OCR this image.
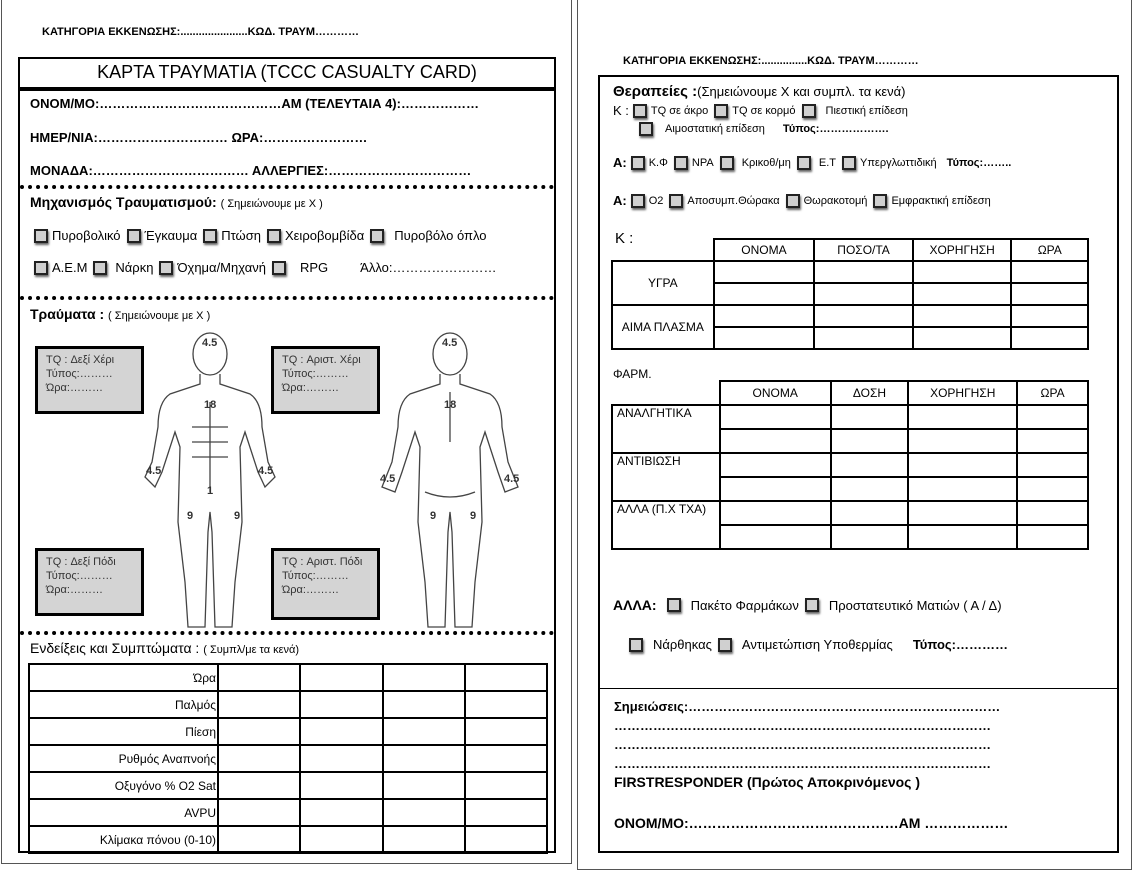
ΚΑΤΗΓΟΡΙΑ ΕΚΚΕΝΩΣΗΣ:......................ΚΩΔ. ΤΡΑΥΜ…………
ΚΑΡΤΑ ΤΡΑΥΜΑΤΙΑ (TCCC CASUALTY CARD)
ΟΝΟΜ/ΜΟ:……………………………………ΑΜ (ΤΕΛΕΥΤΑΙΑ 4):………………
ΗΜΕΡ/ΝΙΑ:………………………… ΩΡΑ:……………………
ΜΟΝΑΔΑ:……………………………… ΑΛΛΕΡΓΙΕΣ:……………………………
Μηχανισμός Τραυματισμού: ( Σημειώνουμε με Χ )
Πυροβολικό Έγκαυμα Πτώση Χειροβομβίδα Πυροβόλο όπλο
Α.Ε.Μ Νάρκη Όχημα/Μηχανή	RPG Άλλο:……………………
Τραύματα : ( Σημειώνουμε με Χ )
4.5
18
4.5	4.5
1
9	9
4.5
18
4.5	4.5
9	9
TQ : Δεξί Χέρι
Τύπος:………
Ώρα:………
TQ : Αριστ. Χέρι
Τύπος:………
Ώρα:………
TQ : Δεξί Πόδι
Τύπος:………
Ώρα:………
TQ : Αριστ. Πόδι
Τύπος:………
Ώρα:………
Ενδείξεις και Συμπτώματα : ( Συμπλ/με τα κενά)
Ώρα				
Παλμός				
Πίεση				
Ρυθμός Αναπνοής				
Οξυγόνο % Ο2 Sat				
AVPU				
Κλίμακα πόνου (0-10)				
ΚΑΤΗΓΟΡΙΑ ΕΚΚΕΝΩΣΗΣ:...............ΚΩΔ. ΤΡΑΥΜ…………
Θεραπείες :(Σημειώνουμε Χ και συμπλ. τα κενά)
Κ : TQ σε άκρο TQ σε κορμό	Πιεστική επίδεση
Αιμοστατική επίδεση Τύπος:……………….
Α: Κ.Φ NPA	Κρικοθ/μη	Ε.Τ Υπεργλωττιδική Τύπος:……..
Α: Ο2 Αποσυμπ.Θώρακα Θωρακοτομή Εμφρακτική επίδεση
Κ :
	ΟΝΟΜΑ	ΠΟΣΟ/ΤΑ	ΧΟΡΗΓΗΣΗ	ΩΡΑ
ΥΓΡΑ				

ΑΙΜΑ ΠΛΑΣΜΑ				

ΦΑΡΜ.
	ΟΝΟΜΑ	ΔΟΣΗ	ΧΟΡΗΓΗΣΗ	ΩΡΑ
ΑΝΑΛΓΗΤΙΚΑ				

ΑΝΤΙΒΙΩΣΗ				

ΑΛΛΑ (Π.Χ ΤΧΑ)				

ΑΛΛΑ:	Πακέτο Φαρμάκων Προστατευτικό Ματιών ( Α / Δ)
Νάρθηκας Αντιμετώπιση Υποθερμίας Τύπος:…………
Σημειώσεις:………………………………………………………………
……………………………………………………………………………
……………………………………………………………………………
……………………………………………………………………………
FIRSTRESPONDER (Πρώτος Αποκρινόμενος )
ΟΝΟΜ/ΜΟ:………………………………………ΑΜ ………………
